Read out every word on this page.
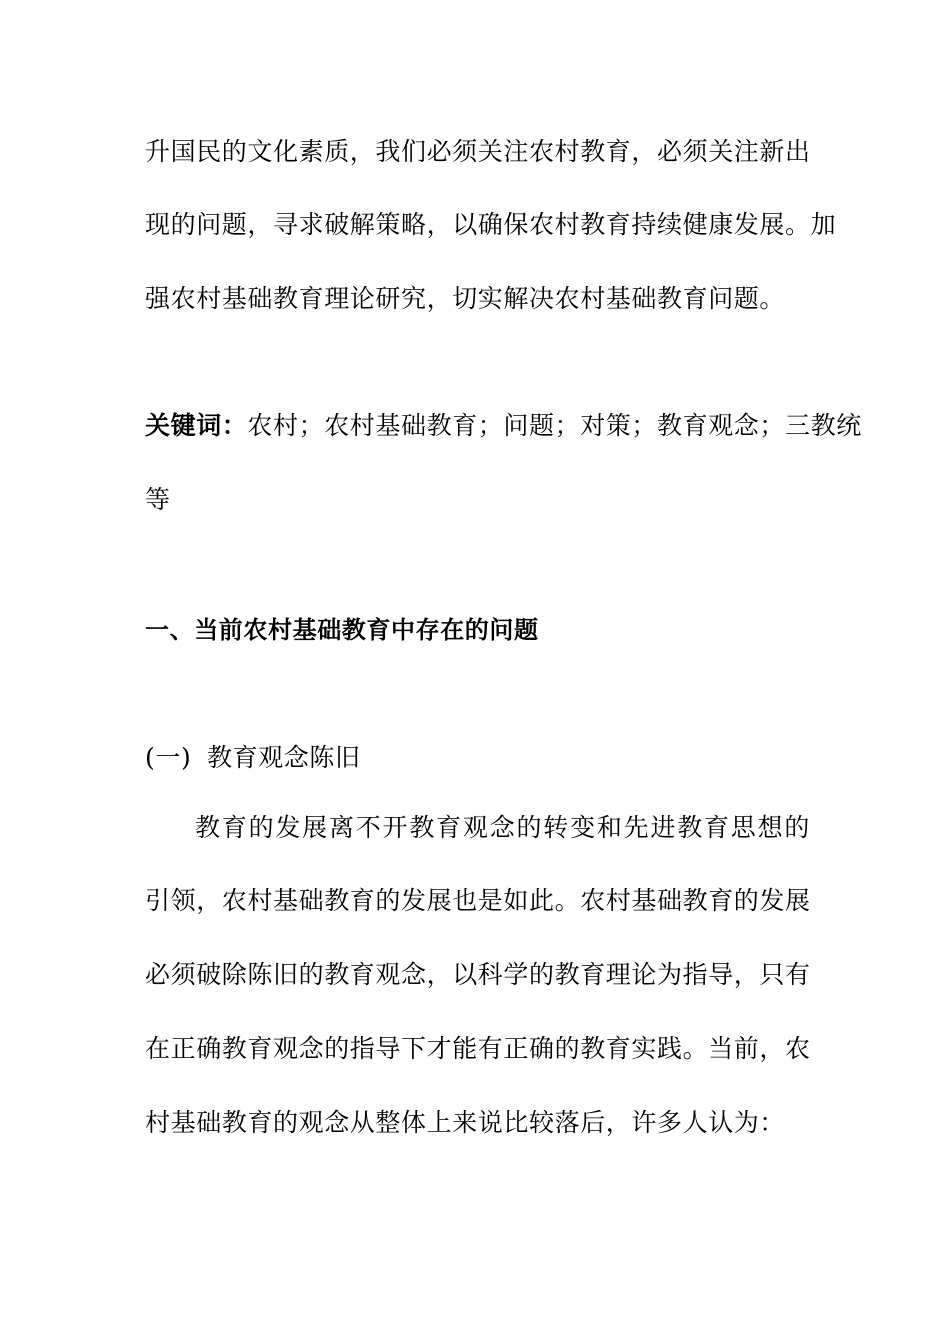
升国民的文化素质，我们必须关注农村教育，必须关注新出
现的问题，寻求破解策略，以确保农村教育持续健康发展。加
强农村基础教育理论研究，切实解决农村基础教育问题。
关键词：农村；农村基础教育；问题；对策；教育观念；三教统
等
一、当前农村基础教育中存在的问题
(一) 教育观念陈旧
教育的发展离不开教育观念的转变和先进教育思想的
引领，农村基础教育的发展也是如此。农村基础教育的发展
必须破除陈旧的教育观念，以科学的教育理论为指导，只有
在正确教育观念的指导下才能有正确的教育实践。当前，农
村基础教育的观念从整体上来说比较落后，许多人认为：
